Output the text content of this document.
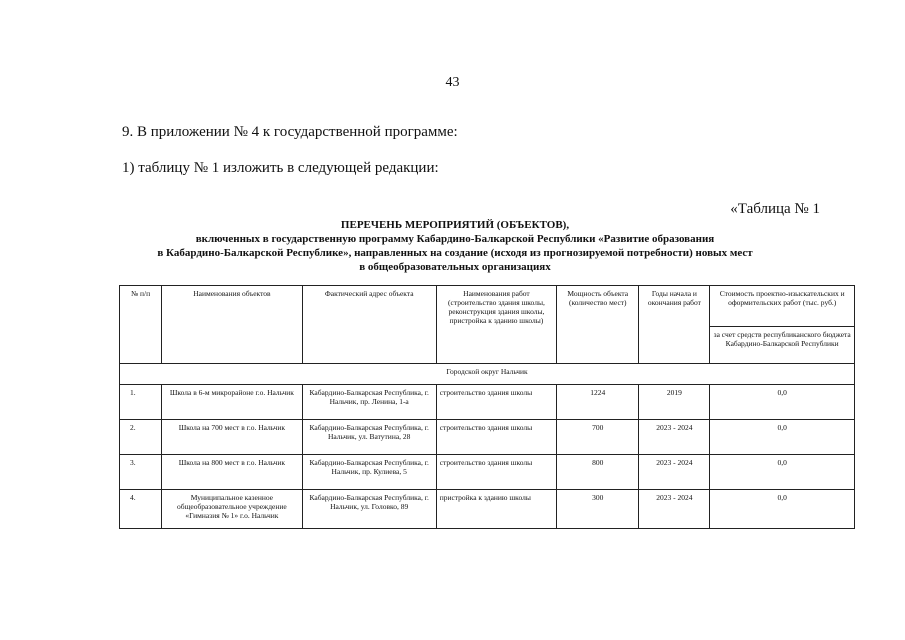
43
9. В приложении № 4 к государственной программе:
1) таблицу № 1 изложить в следующей редакции:
«Таблица № 1
ПЕРЕЧЕНЬ МЕРОПРИЯТИЙ (ОБЪЕКТОВ),
включенных в государственную программу Кабардино-Балкарской Республики «Развитие образования
в Кабардино-Балкарской Республике», направленных на создание (исходя из прогнозируемой потребности) новых мест
в общеобразовательных организациях
№ п/п	Наименования объектов	Фактический адрес объекта	Наименования работ (строительство здания школы, реконструкция здания школы, пристройка к зданию школы)	Мощность объекта (количество мест)	Годы начала и окончания работ	Стоимость проектно-изыскательских и оформительских работ (тыс. руб.)
						за счет средств республиканского бюджета Кабардино-Балкарской Республики
Городской округ Нальчик						
1.	Школа в 6-м микрорайоне г.о. Нальчик	Кабардино-Балкарская Республика, г. Нальчик, пр. Ленина, 1-а	строительство здания школы	1224	2019	0,0
2.	Школа на 700 мест в г.о. Нальчик	Кабардино-Балкарская Республика, г. Нальчик, ул. Ватутина, 28	строительство здания школы	700	2023 - 2024	0,0
3.	Школа на 800 мест в г.о. Нальчик	Кабардино-Балкарская Республика, г. Нальчик, пр. Кулиева, 5	строительство здания школы	800	2023 - 2024	0,0
4.	Муниципальное казенное общеобразовательное учреждение «Гимназия № 1» г.о. Нальчик	Кабардино-Балкарская Республика, г. Нальчик, ул. Головко, 89	пристройка к зданию школы	300	2023 - 2024	0,0
